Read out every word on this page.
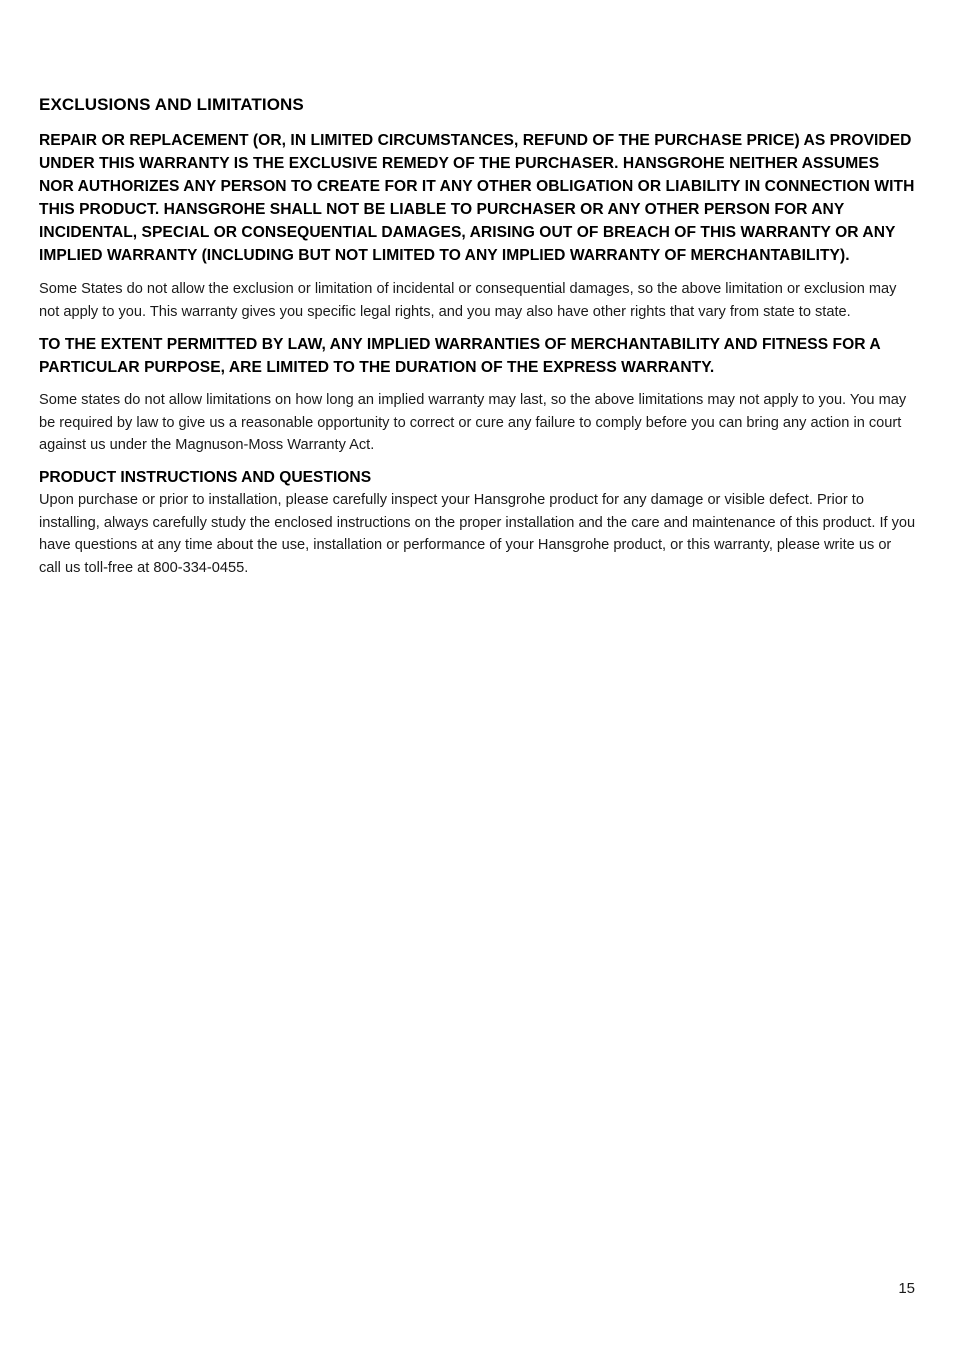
EXCLUSIONS AND LIMITATIONS

REPAIR OR REPLACEMENT (OR, IN LIMITED CIRCUMSTANCES, REFUND OF THE PURCHASE PRICE) AS PROVIDED UNDER THIS WARRANTY IS THE EXCLUSIVE REMEDY OF THE PURCHASER. HANSGROHE NEITHER ASSUMES NOR AUTHORIZES ANY PERSON TO CREATE FOR IT ANY OTHER OBLIGATION OR LIABILITY IN CONNECTION WITH THIS PRODUCT. HANSGROHE SHALL NOT BE LIABLE TO PURCHASER OR ANY OTHER PERSON FOR ANY INCIDENTAL, SPECIAL OR CONSEQUENTIAL DAMAGES, ARISING OUT OF BREACH OF THIS WARRANTY OR ANY IMPLIED WARRANTY (INCLUDING BUT NOT LIMITED TO ANY IMPLIED WARRANTY OF MERCHANTABILITY).

Some States do not allow the exclusion or limitation of incidental or consequential damages, so the above limitation or exclusion may not apply to you. This warranty gives you specific legal rights, and you may also have other rights that vary from state to state.

TO THE EXTENT PERMITTED BY LAW, ANY IMPLIED WARRANTIES OF MERCHANTABILITY AND FITNESS FOR A PARTICULAR PURPOSE, ARE LIMITED TO THE DURATION OF THE EXPRESS WARRANTY.

Some states do not allow limitations on how long an implied warranty may last, so the above limitations may not apply to you. You may be required by law to give us a reasonable opportunity to correct or cure any failure to comply before you can bring any action in court against us under the Magnuson-Moss Warranty Act.

PRODUCT INSTRUCTIONS AND QUESTIONS

Upon purchase or prior to installation, please carefully inspect your Hansgrohe product for any damage or visible defect. Prior to installing, always carefully study the enclosed instructions on the proper installation and the care and maintenance of this product. If you have questions at any time about the use, installation or performance of your Hansgrohe product, or this warranty, please write us or call us toll-free at 800-334-0455.

15
